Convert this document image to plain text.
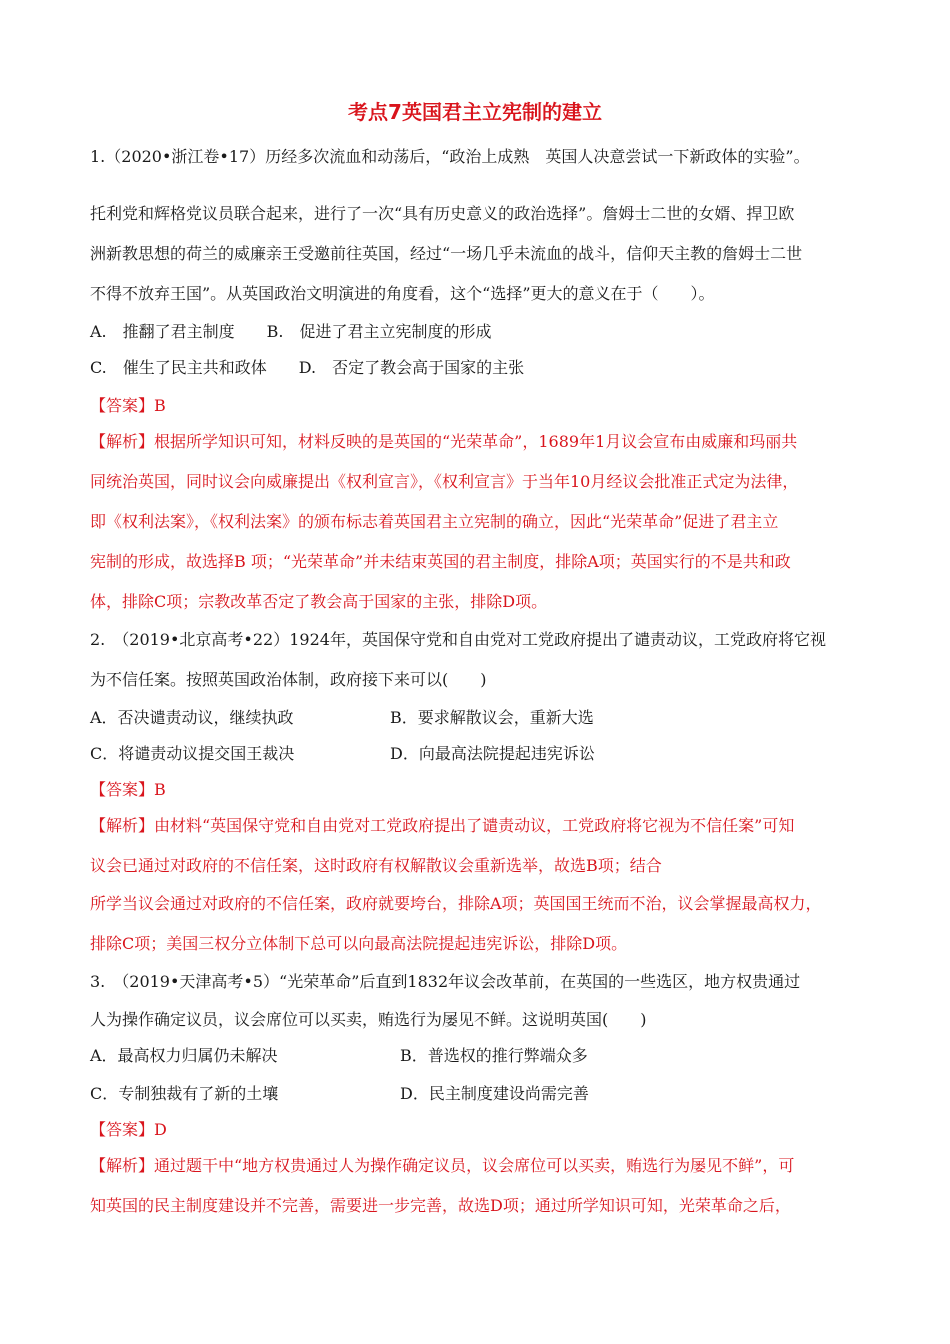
考点7英国君主立宪制的建立
1.（2020•浙江卷•17）历经多次流血和动荡后，“政治上成熟　英国人决意尝试一下新政体的实验”。
托利党和辉格党议员联合起来，进行了一次“具有历史意义的政治选择”。詹姆士二世的女婿、捍卫欧
洲新教思想的荷兰的威廉亲王受邀前往英国，经过“一场几乎未流血的战斗，信仰天主教的詹姆士二世
不得不放弃王国”。从英国政治文明演进的角度看，这个“选择”更大的意义在于（　　）。
A.　推翻了君主制度　　B.　促进了君主立宪制度的形成
C.　催生了民主共和政体　　D.　否定了教会高于国家的主张
【答案】B
【解析】根据所学知识可知，材料反映的是英国的“光荣革命”，1689年1月议会宣布由威廉和玛丽共
同统治英国，同时议会向威廉提出《权利宣言》，《权利宣言》于当年10月经议会批准正式定为法律，
即《权利法案》，《权利法案》的颁布标志着英国君主立宪制的确立，因此“光荣革命”促进了君主立
宪制的形成，故选择B 项；“光荣革命”并未结束英国的君主制度，排除A项；英国实行的不是共和政
体，排除C项；宗教改革否定了教会高于国家的主张，排除D项。
2.　（2019•北京高考•22）1924年，英国保守党和自由党对工党政府提出了谴责动议，工党政府将它视
为不信任案。按照英国政治体制，政府接下来可以(　　)
A．否决谴责动议，继续执政	B．要求解散议会，重新大选
C．将谴责动议提交国王裁决	D．向最高法院提起违宪诉讼
【答案】B
【解析】由材料“英国保守党和自由党对工党政府提出了谴责动议，工党政府将它视为不信任案”可知
议会已通过对政府的不信任案，这时政府有权解散议会重新选举，故选B项；结合
所学当议会通过对政府的不信任案，政府就要垮台，排除A项；英国国王统而不治，议会掌握最高权力，
排除C项；美国三权分立体制下总可以向最高法院提起违宪诉讼，排除D项。
3.　（2019•天津高考•5）“光荣革命”后直到1832年议会改革前，在英国的一些选区，地方权贵通过
人为操作确定议员，议会席位可以买卖，贿选行为屡见不鲜。这说明英国(　　)
A．最高权力归属仍未解决	B．普选权的推行弊端众多
C．专制独裁有了新的土壤	D．民主制度建设尚需完善
【答案】D
【解析】通过题干中“地方权贵通过人为操作确定议员，议会席位可以买卖，贿选行为屡见不鲜”，可
知英国的民主制度建设并不完善，需要进一步完善，故选D项；通过所学知识可知，光荣革命之后，
